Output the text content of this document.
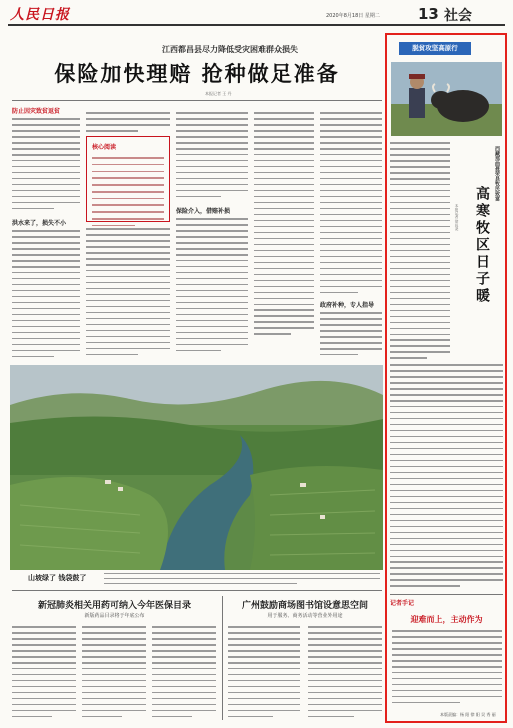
人民日报	2020年8月18日 星期二	13 社会
江西都昌县尽力降低受灾困难群众损失
保险加快理赔 抢种做足准备
本报记者 王 丹
防止因灾致贫返贫
洪水来了，损失不小
核心阅读
保险介入，借赔补损
政府补种，专人指导
山坡绿了 钱袋鼓了
新冠肺炎相关用药可纳入今年医保目录
新版药品目录将于年底公布
广州鼓励商场图书馆设意思空间
用于服务、商务活动等营业外用途
脱贫攻坚高原行
西藏那曲聂荣县牧民致富
高寒牧区日子暖
本报记者 徐驭尧
记者手记
迎难而上，主动作为
本版责编：杨 阳 徐 阳 吴 秀 丽
